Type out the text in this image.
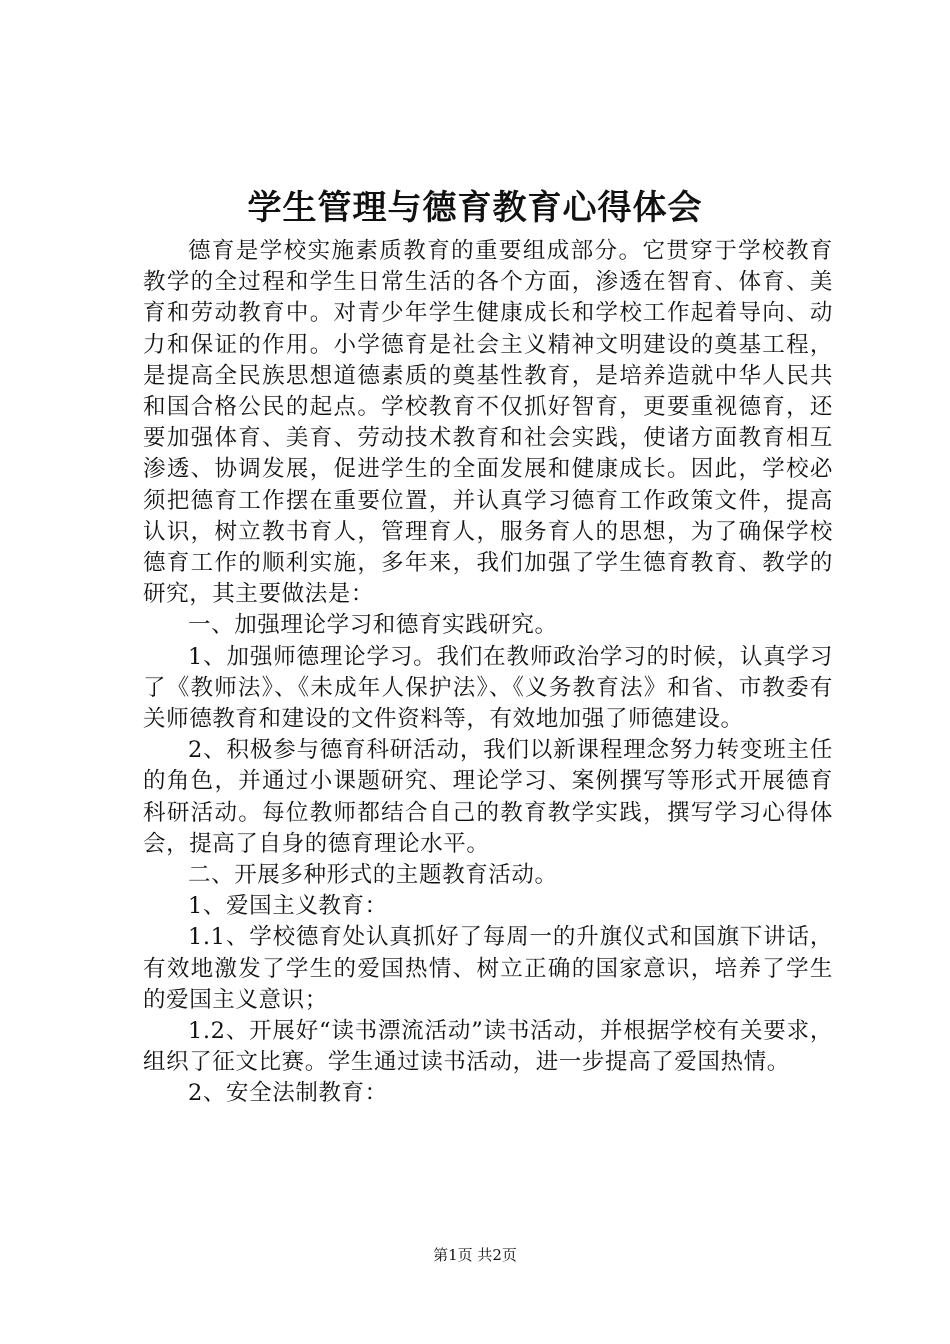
学生管理与德育教育心得体会

德育是学校实施素质教育的重要组成部分。它贯穿于学校教育教学的全过程和学生日常生活的各个方面，渗透在智育、体育、美育和劳动教育中。对青少年学生健康成长和学校工作起着导向、动力和保证的作用。小学德育是社会主义精神文明建设的奠基工程，是提高全民族思想道德素质的奠基性教育，是培养造就中华人民共和国合格公民的起点。学校教育不仅抓好智育，更要重视德育，还要加强体育、美育、劳动技术教育和社会实践，使诸方面教育相互渗透、协调发展，促进学生的全面发展和健康成长。因此，学校必须把德育工作摆在重要位置，并认真学习德育工作政策文件，提高认识，树立教书育人，管理育人，服务育人的思想，为了确保学校德育工作的顺利实施，多年来，我们加强了学生德育教育、教学的研究，其主要做法是：

一、加强理论学习和德育实践研究。

1、加强师德理论学习。我们在教师政治学习的时候，认真学习了《教师法》、《未成年人保护法》、《义务教育法》和省、市教委有关师德教育和建设的文件资料等，有效地加强了师德建设。

2、积极参与德育科研活动，我们以新课程理念努力转变班主任的角色，并通过小课题研究、理论学习、案例撰写等形式开展德育科研活动。每位教师都结合自己的教育教学实践，撰写学习心得体会，提高了自身的德育理论水平。

二、开展多种形式的主题教育活动。

1、爱国主义教育：

1.1、学校德育处认真抓好了每周一的升旗仪式和国旗下讲话，有效地激发了学生的爱国热情、树立正确的国家意识，培养了学生的爱国主义意识；

1.2、开展好“读书漂流活动”读书活动，并根据学校有关要求，组织了征文比赛。学生通过读书活动，进一步提高了爱国热情。

2、安全法制教育：

第1页 共2页
